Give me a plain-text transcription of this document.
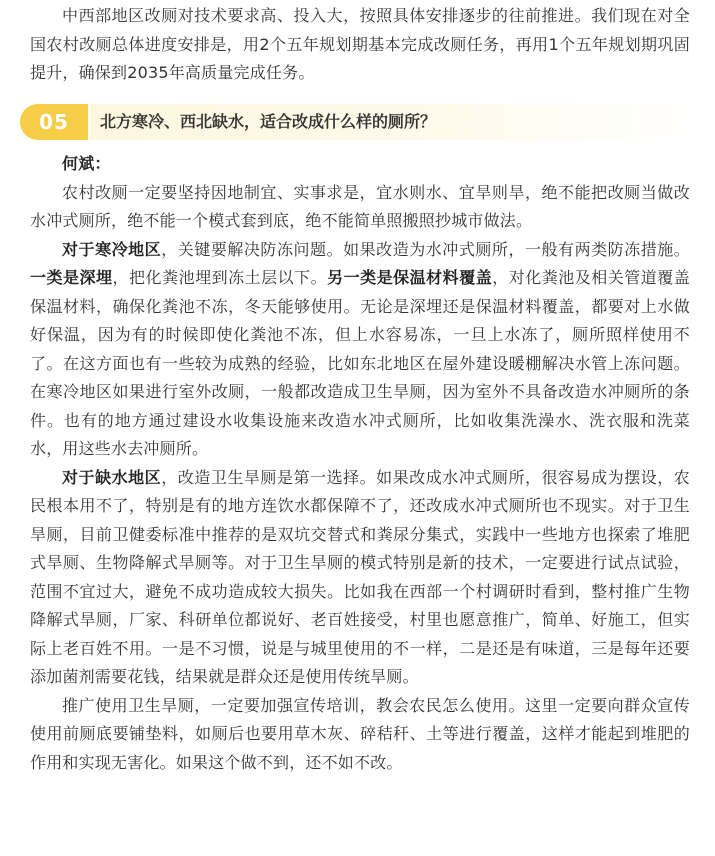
中西部地区改厕对技术要求高、投入大，按照具体安排逐步的往前推进。我们现在对全国农村改厕总体进度安排是，用2个五年规划期基本完成改厕任务，再用1个五年规划期巩固提升，确保到2035年高质量完成任务。

05	北方寒冷、西北缺水，适合改成什么样的厕所？

何斌：

农村改厕一定要坚持因地制宜、实事求是，宜水则水、宜旱则旱，绝不能把改厕当做改水冲式厕所，绝不能一个模式套到底，绝不能简单照搬照抄城市做法。

对于寒冷地区，关键要解决防冻问题。如果改造为水冲式厕所，一般有两类防冻措施。一类是深埋，把化粪池埋到冻土层以下。另一类是保温材料覆盖，对化粪池及相关管道覆盖保温材料，确保化粪池不冻，冬天能够使用。无论是深埋还是保温材料覆盖，都要对上水做好保温，因为有的时候即使化粪池不冻，但上水容易冻，一旦上水冻了，厕所照样使用不了。在这方面也有一些较为成熟的经验，比如东北地区在屋外建设暖棚解决水管上冻问题。在寒冷地区如果进行室外改厕，一般都改造成卫生旱厕，因为室外不具备改造水冲厕所的条件。也有的地方通过建设水收集设施来改造水冲式厕所，比如收集洗澡水、洗衣服和洗菜水，用这些水去冲厕所。

对于缺水地区，改造卫生旱厕是第一选择。如果改成水冲式厕所，很容易成为摆设，农民根本用不了，特别是有的地方连饮水都保障不了，还改成水冲式厕所也不现实。对于卫生旱厕，目前卫健委标准中推荐的是双坑交替式和粪尿分集式，实践中一些地方也探索了堆肥式旱厕、生物降解式旱厕等。对于卫生旱厕的模式特别是新的技术，一定要进行试点试验，范围不宜过大，避免不成功造成较大损失。比如我在西部一个村调研时看到，整村推广生物降解式旱厕，厂家、科研单位都说好、老百姓接受，村里也愿意推广，简单、好施工，但实际上老百姓不用。一是不习惯，说是与城里使用的不一样，二是还是有味道，三是每年还要添加菌剂需要花钱，结果就是群众还是使用传统旱厕。

推广使用卫生旱厕，一定要加强宣传培训，教会农民怎么使用。这里一定要向群众宣传使用前厕底要铺垫料，如厕后也要用草木灰、碎秸秆、土等进行覆盖，这样才能起到堆肥的作用和实现无害化。如果这个做不到，还不如不改。
